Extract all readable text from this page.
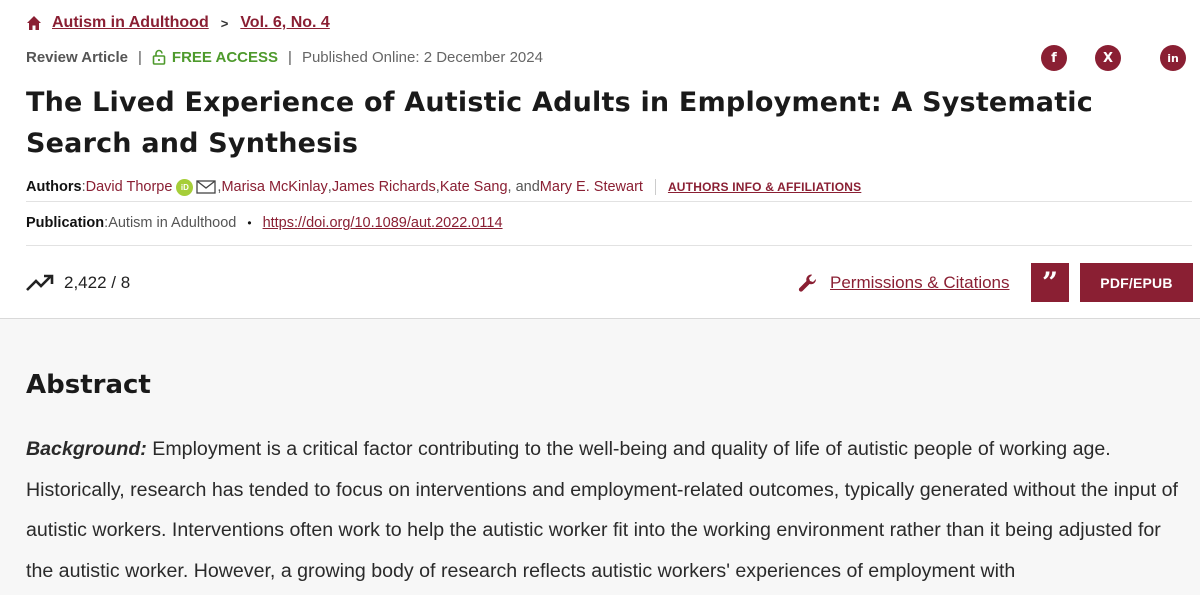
Autism in Adulthood > Vol. 6, No. 4
Review Article | FREE ACCESS | Published Online: 2 December 2024	f	X	in
The Lived Experience of Autistic Adults in Employment: A Systematic Search and Synthesis
Authors : David Thorpe	iD	, Marisa McKinlay , James Richards , Kate Sang , and Mary E. Stewart AUTHORS INFO & AFFILIATIONS
Publication : Autism in Adulthood • https://doi.org/10.1089/aut.2022.0114
2,422 / 8	Permissions & Citations ”	PDF/EPUB
Abstract

Background: Employment is a critical factor contributing to the well-being and quality of life of autistic people of working age. Historically, research has tended to focus on interventions and employment-related outcomes, typically generated without the input of autistic workers. Interventions often work to help the autistic worker fit into the working environment rather than it being adjusted for the autistic worker. However, a growing body of research reflects autistic workers' experiences of employment with
